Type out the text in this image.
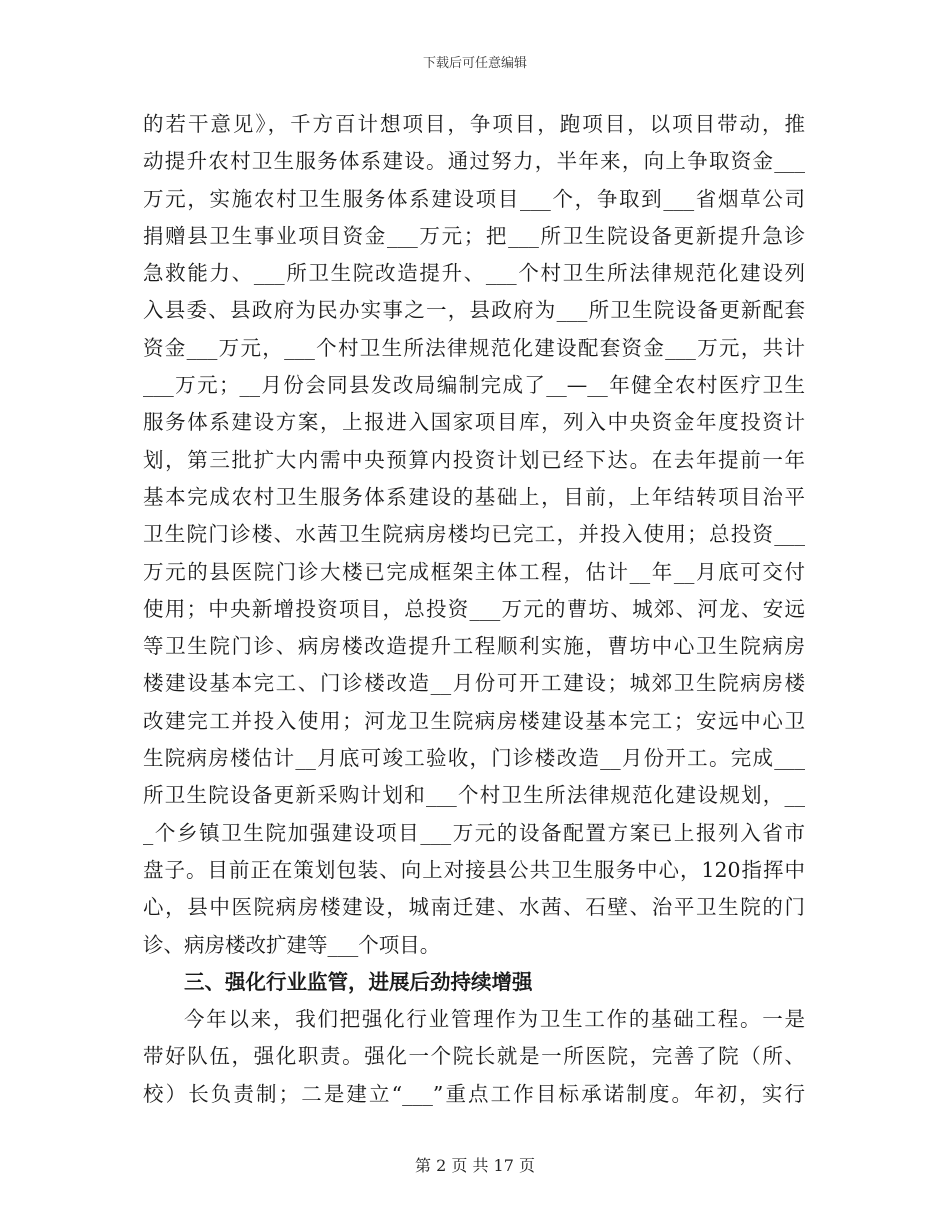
下载后可任意编辑
的若干意见》，千方百计想项目，争项目，跑项目，以项目带动，推
动提升农村卫生服务体系建设。通过努力，半年来，向上争取资金___
万元，实施农村卫生服务体系建设项目___个，争取到___省烟草公司
捐赠县卫生事业项目资金___万元；把___所卫生院设备更新提升急诊
急救能力、___所卫生院改造提升、___个村卫生所法律规范化建设列
入县委、县政府为民办实事之一，县政府为___所卫生院设备更新配套
资金___万元，___个村卫生所法律规范化建设配套资金___万元，共计
___万元；__月份会同县发改局编制完成了__—__年健全农村医疗卫生
服务体系建设方案，上报进入国家项目库，列入中央资金年度投资计
划，第三批扩大内需中央预算内投资计划已经下达。在去年提前一年
基本完成农村卫生服务体系建设的基础上，目前，上年结转项目治平
卫生院门诊楼、水茜卫生院病房楼均已完工，并投入使用；总投资___
万元的县医院门诊大楼已完成框架主体工程，估计__年__月底可交付
使用；中央新增投资项目，总投资___万元的曹坊、城郊、河龙、安远
等卫生院门诊、病房楼改造提升工程顺利实施，曹坊中心卫生院病房
楼建设基本完工、门诊楼改造__月份可开工建设；城郊卫生院病房楼
改建完工并投入使用；河龙卫生院病房楼建设基本完工；安远中心卫
生院病房楼估计__月底可竣工验收，门诊楼改造__月份开工。完成___
所卫生院设备更新采购计划和___个村卫生所法律规范化建设规划，__
_个乡镇卫生院加强建设项目___万元的设备配置方案已上报列入省市
盘子。目前正在策划包装、向上对接县公共卫生服务中心，120指挥中
心，县中医院病房楼建设，城南迁建、水茜、石壁、治平卫生院的门
诊、病房楼改扩建等___个项目。
三、强化行业监管，进展后劲持续增强
今年以来，我们把强化行业管理作为卫生工作的基础工程。一是
带好队伍，强化职责。强化一个院长就是一所医院，完善了院（所、
校）长负责制；二是建立“___”重点工作目标承诺制度。年初，实行
第 2 页 共 17 页
